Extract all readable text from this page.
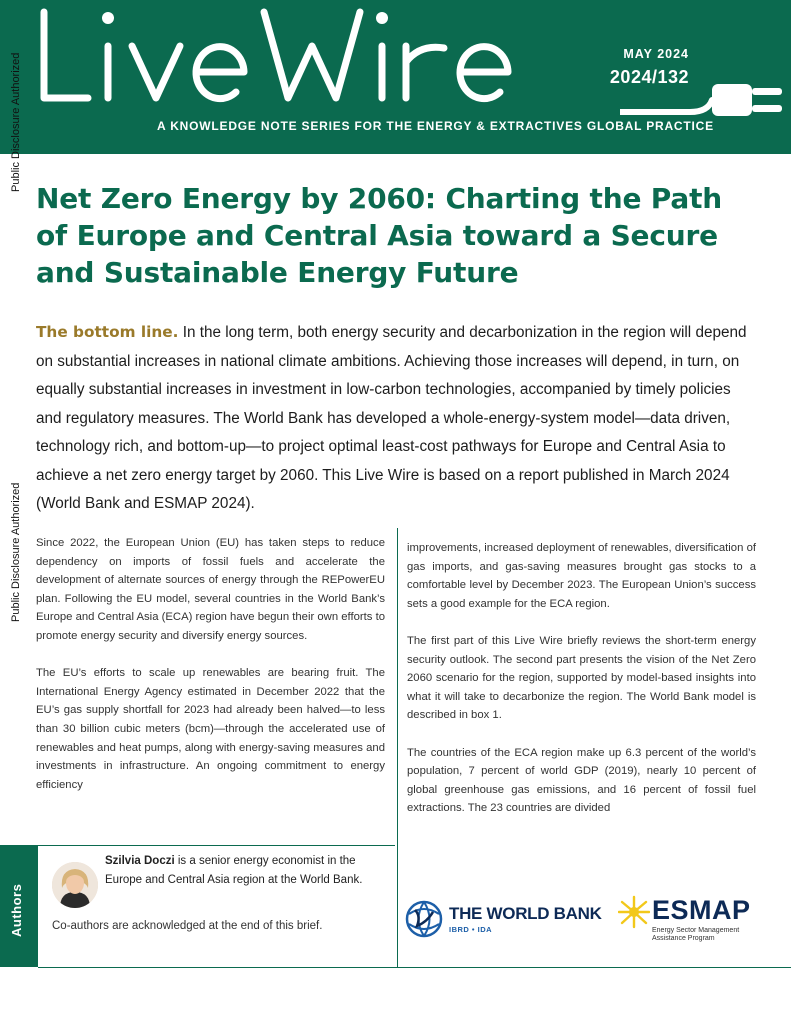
MAY 2024
2024/132
A KNOWLEDGE NOTE SERIES FOR THE ENERGY & EXTRACTIVES GLOBAL PRACTICE
Public Disclosure Authorized
Public Disclosure Authorized
Net Zero Energy by 2060: Charting the Path of Europe and Central Asia toward a Secure and Sustainable Energy Future
The bottom line. In the long term, both energy security and decarbonization in the region will depend on substantial increases in national climate ambitions. Achieving those increases will depend, in turn, on equally substantial increases in investment in low-carbon technologies, accompanied by timely policies and regulatory measures. The World Bank has developed a whole-energy-system model—data driven, technology rich, and bottom-up—to project optimal least-cost pathways for Europe and Central Asia to achieve a net zero energy target by 2060. This Live Wire is based on a report published in March 2024 (World Bank and ESMAP 2024).

Since 2022, the European Union (EU) has taken steps to reduce dependency on imports of fossil fuels and accelerate the development of alternate sources of energy through the REPowerEU plan. Following the EU model, several countries in the World Bank’s Europe and Central Asia (ECA) region have begun their own efforts to promote energy security and diversify energy sources.

The EU’s efforts to scale up renewables are bearing fruit. The International Energy Agency estimated in December 2022 that the EU’s gas supply shortfall for 2023 had already been halved—to less than 30 billion cubic meters (bcm)—through the accelerated use of renewables and heat pumps, along with energy-saving measures and investments in infrastructure. An ongoing commitment to energy efficiency

improvements, increased deployment of renewables, diversification of gas imports, and gas-saving measures brought gas stocks to a comfortable level by December 2023. The European Union’s success sets a good example for the ECA region.

The first part of this Live Wire briefly reviews the short-term energy security outlook. The second part presents the vision of the Net Zero 2060 scenario for the region, supported by model-based insights into what it will take to decarbonize the region. The World Bank model is described in box 1.

The countries of the ECA region make up 6.3 percent of the world’s population, 7 percent of world GDP (2019), nearly 10 percent of global greenhouse gas emissions, and 16 percent of fossil fuel extractions. The 23 countries are divided

Authors
Szilvia Doczi is a senior energy economist in the Europe and Central Asia region at the World Bank.
Co-authors are acknowledged at the end of this brief.
THE WORLD BANK
IBRD • IDA
ESMAP
Energy Sector Management Assistance Program
